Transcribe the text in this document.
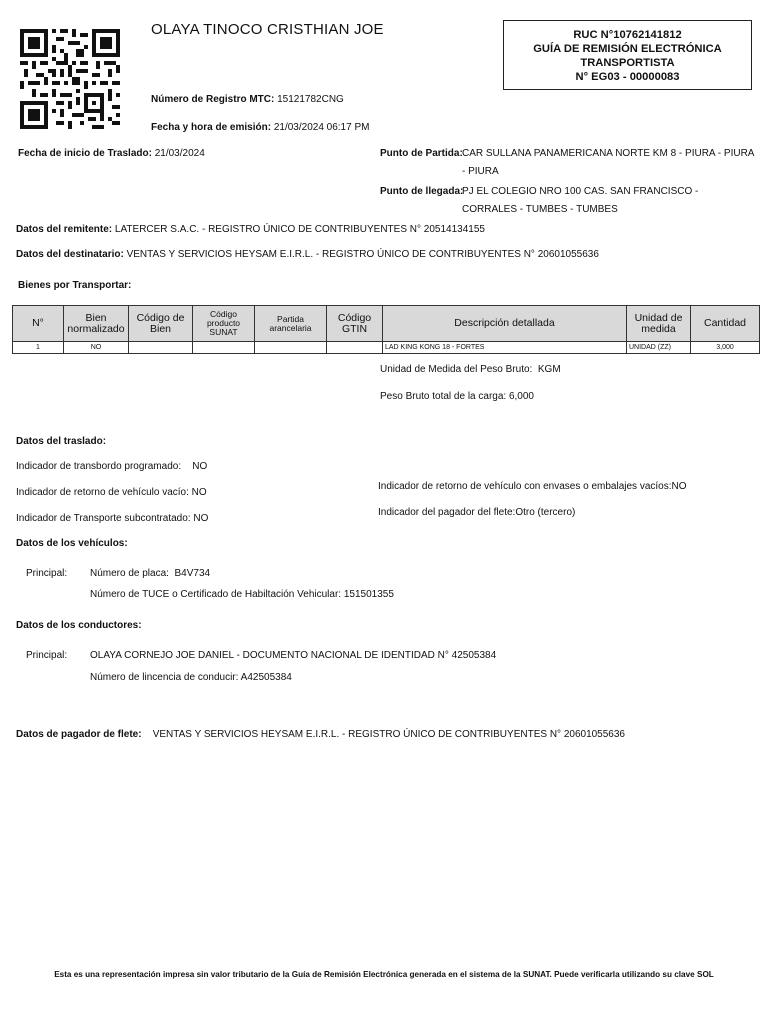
OLAYA TINOCO CRISTHIAN JOE
Número de Registro MTC: 15121782CNG
Fecha y hora de emisión: 21/03/2024 06:17 PM
RUC N°10762141812
GUÍA DE REMISIÓN ELECTRÓNICA
TRANSPORTISTA
N° EG03 - 00000083
Fecha de inicio de Traslado: 21/03/2024	Punto de Partida: CAR SULLANA PANAMERICANA NORTE KM 8 - PIURA - PIURA - PIURA
Punto de llegada:
PJ EL COLEGIO NRO 100 CAS. SAN FRANCISCO - CORRALES - TUMBES - TUMBES
Datos del remitente: LATERCER S.A.C. - REGISTRO ÚNICO DE CONTRIBUYENTES N° 20514134155
Datos del destinatario: VENTAS Y SERVICIOS HEYSAM E.I.R.L. - REGISTRO ÚNICO DE CONTRIBUYENTES N° 20601055636
Bienes por Transportar:
N°	Bien normalizado	Código de Bien	Código producto SUNAT	Partida arancelaria	Código GTIN	Descripción detallada	Unidad de medida	Cantidad
1	NO					LAD KING KONG 18 - FORTES	UNIDAD (ZZ)	3,000
Unidad de Medida del Peso Bruto: KGM
Peso Bruto total de la carga: 6,000
Datos del traslado:
Indicador de transbordo programado: NO
Indicador de retorno de vehículo vacío: NO
Indicador de Transporte subcontratado: NO
Indicador de retorno de vehículo con envases o embalajes vacíos:NO
Indicador del pagador del flete:Otro (tercero)
Datos de los vehículos:
Principal: Número de placa: B4V734
Número de TUCE o Certificado de Habiltación Vehicular: 151501355
Datos de los conductores:
Principal: OLAYA CORNEJO JOE DANIEL - DOCUMENTO NACIONAL DE IDENTIDAD N° 42505384
Número de lincencia de conducir: A42505384
Datos de pagador de flete: VENTAS Y SERVICIOS HEYSAM E.I.R.L. - REGISTRO ÚNICO DE CONTRIBUYENTES N° 20601055636
Esta es una representación impresa sin valor tributario de la Guía de Remisión Electrónica generada en el sistema de la SUNAT. Puede verificarla utilizando su clave SOL
